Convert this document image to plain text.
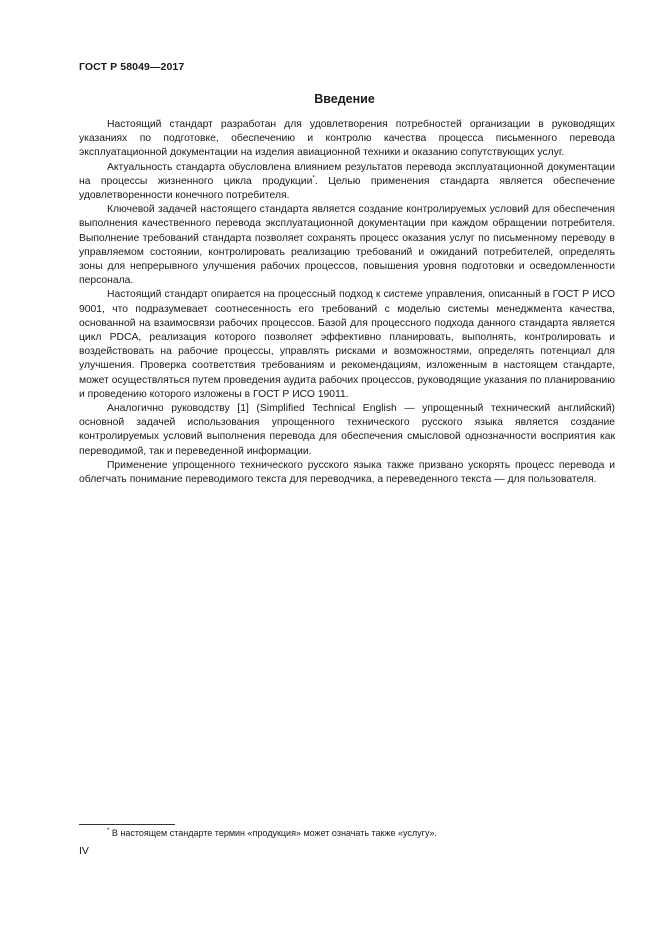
ГОСТ Р 58049—2017
Введение

Настоящий стандарт разработан для удовлетворения потребностей организации в руководящих указаниях по подготовке, обеспечению и контролю качества процесса письменного перевода эксплуатационной документации на изделия авиационной техники и оказанию сопутствующих услуг.

Актуальность стандарта обусловлена влиянием результатов перевода эксплуатационной документации на процессы жизненного цикла продукции*. Целью применения стандарта является обеспечение удовлетворенности конечного потребителя.

Ключевой задачей настоящего стандарта является создание контролируемых условий для обеспечения выполнения качественного перевода эксплуатационной документации при каждом обращении потребителя. Выполнение требований стандарта позволяет сохранять процесс оказания услуг по письменному переводу в управляемом состоянии, контролировать реализацию требований и ожиданий потребителей, определять зоны для непрерывного улучшения рабочих процессов, повышения уровня подготовки и осведомленности персонала.

Настоящий стандарт опирается на процессный подход к системе управления, описанный в ГОСТ Р ИСО 9001, что подразумевает соотнесенность его требований с моделью системы менеджмента качества, основанной на взаимосвязи рабочих процессов. Базой для процессного подхода данного стандарта является цикл PDCA, реализация которого позволяет эффективно планировать, выполнять, контролировать и воздействовать на рабочие процессы, управлять рисками и возможностями, определять потенциал для улучшения. Проверка соответствия требованиям и рекомендациям, изложенным в настоящем стандарте, может осуществляться путем проведения аудита рабочих процессов, руководящие указания по планированию и проведению которого изложены в ГОСТ Р ИСО 19011.

Аналогично руководству [1] (Simplified Technical English — упрощенный технический английский) основной задачей использования упрощенного технического русского языка является создание контролируемых условий выполнения перевода для обеспечения смысловой однозначности восприятия как переводимой, так и переведенной информации.

Применение упрощенного технического русского языка также призвано ускорять процесс перевода и облегчать понимание переводимого текста для переводчика, а переведенного текста — для пользователя.

* В настоящем стандарте термин «продукция» может означать также «услугу».
IV
